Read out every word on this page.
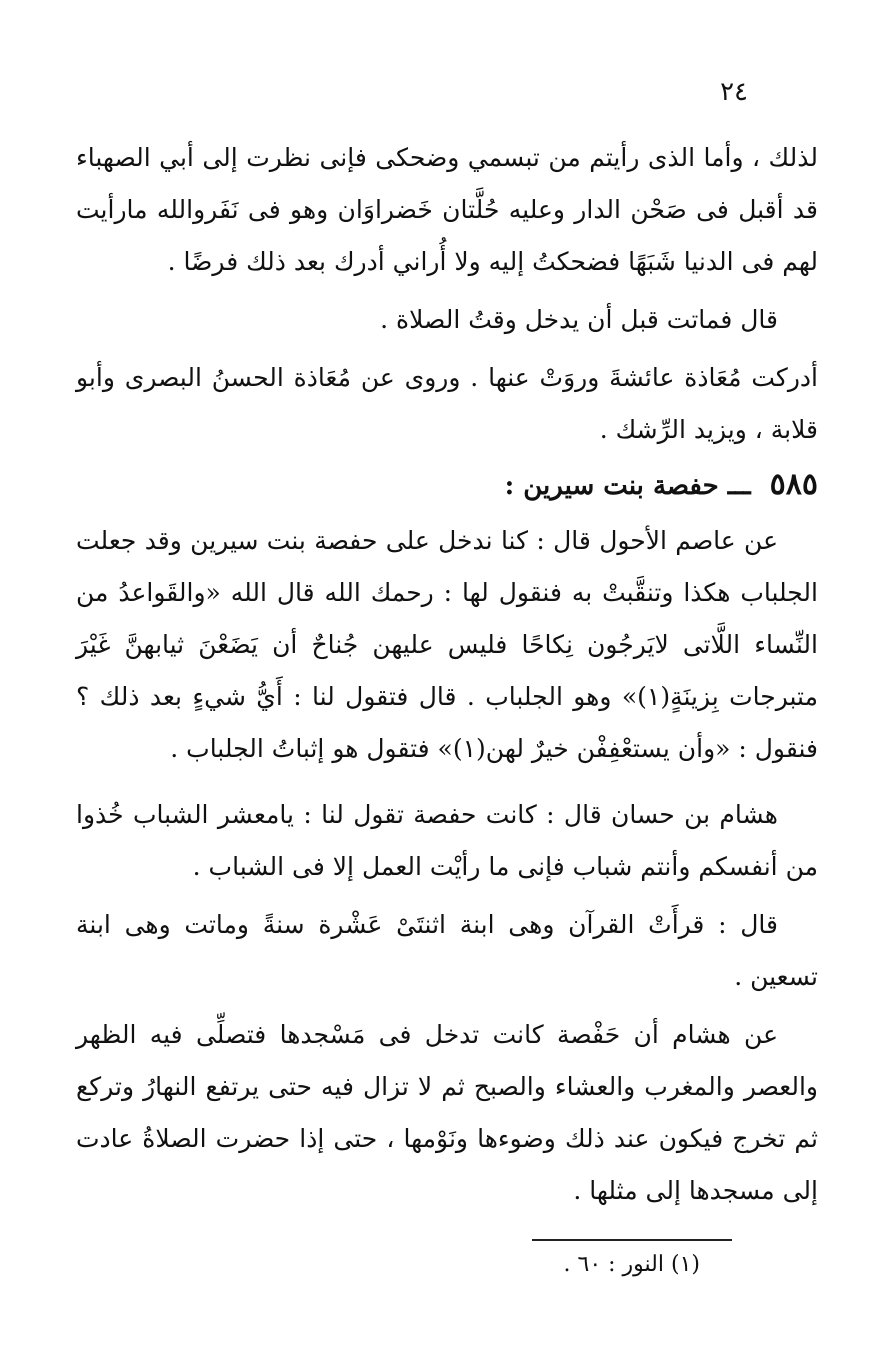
٢٤

لذلك ، وأما الذى رأيتم من تبسمي وضحكى فإنى نظرت إلى أبي الصهباء قد أقبل فى صَحْن الدار وعليه حُلَّتان خَضراوَان وهو فى نَفَروالله مارأيت لهم فى الدنيا شَبَهًا فضحكتُ إليه ولا أُراني أدرك بعد ذلك فرضًا .

قال فماتت قبل أن يدخل وقتُ الصلاة .

أدركت مُعَاذة عائشةَ وروَتْ عنها . وروى عن مُعَاذة الحسنُ البصرى وأبو قلابة ، ويزيد الرِّشك .

٥٨٥ ـــ حفصة بنت سيرين :

عن عاصم الأحول قال : كنا ندخل على حفصة بنت سيرين وقد جعلت الجلباب هكذا وتنقَّبتْ به فنقول لها : رحمك الله قال الله «والقَواعدُ من النِّساء اللَّاتى لايَرجُون نِكاحًا فليس عليهن جُناحٌ أن يَضَعْنَ ثيابهنَّ غَيْرَ متبرجات بِزينَةٍ(١)» وهو الجلباب . قال فتقول لنا : أَيُّ شيءٍ بعد ذلك ؟ فنقول : «وأن يستعْفِفْن خيرٌ لهن(١)» فتقول هو إثباتُ الجلباب .

هشام بن حسان قال : كانت حفصة تقول لنا : يامعشر الشباب خُذوا من أنفسكم وأنتم شباب فإنى ما رأيْت العمل إلا فى الشباب .

قال : قرأَتْ القرآن وهى ابنة اثنتَىْ عَشْرة سنةً وماتت وهى ابنة تسعين .

عن هشام أن حَفْصة كانت تدخل فى مَسْجدها فتصلِّى فيه الظهر والعصر والمغرب والعشاء والصبح ثم لا تزال فيه حتى يرتفع النهارُ وتركع ثم تخرج فيكون عند ذلك وضوءها ونَوْمها ، حتى إذا حضرت الصلاةُ عادت إلى مسجدها إلى مثلها .

(١) النور : ٦٠ .
